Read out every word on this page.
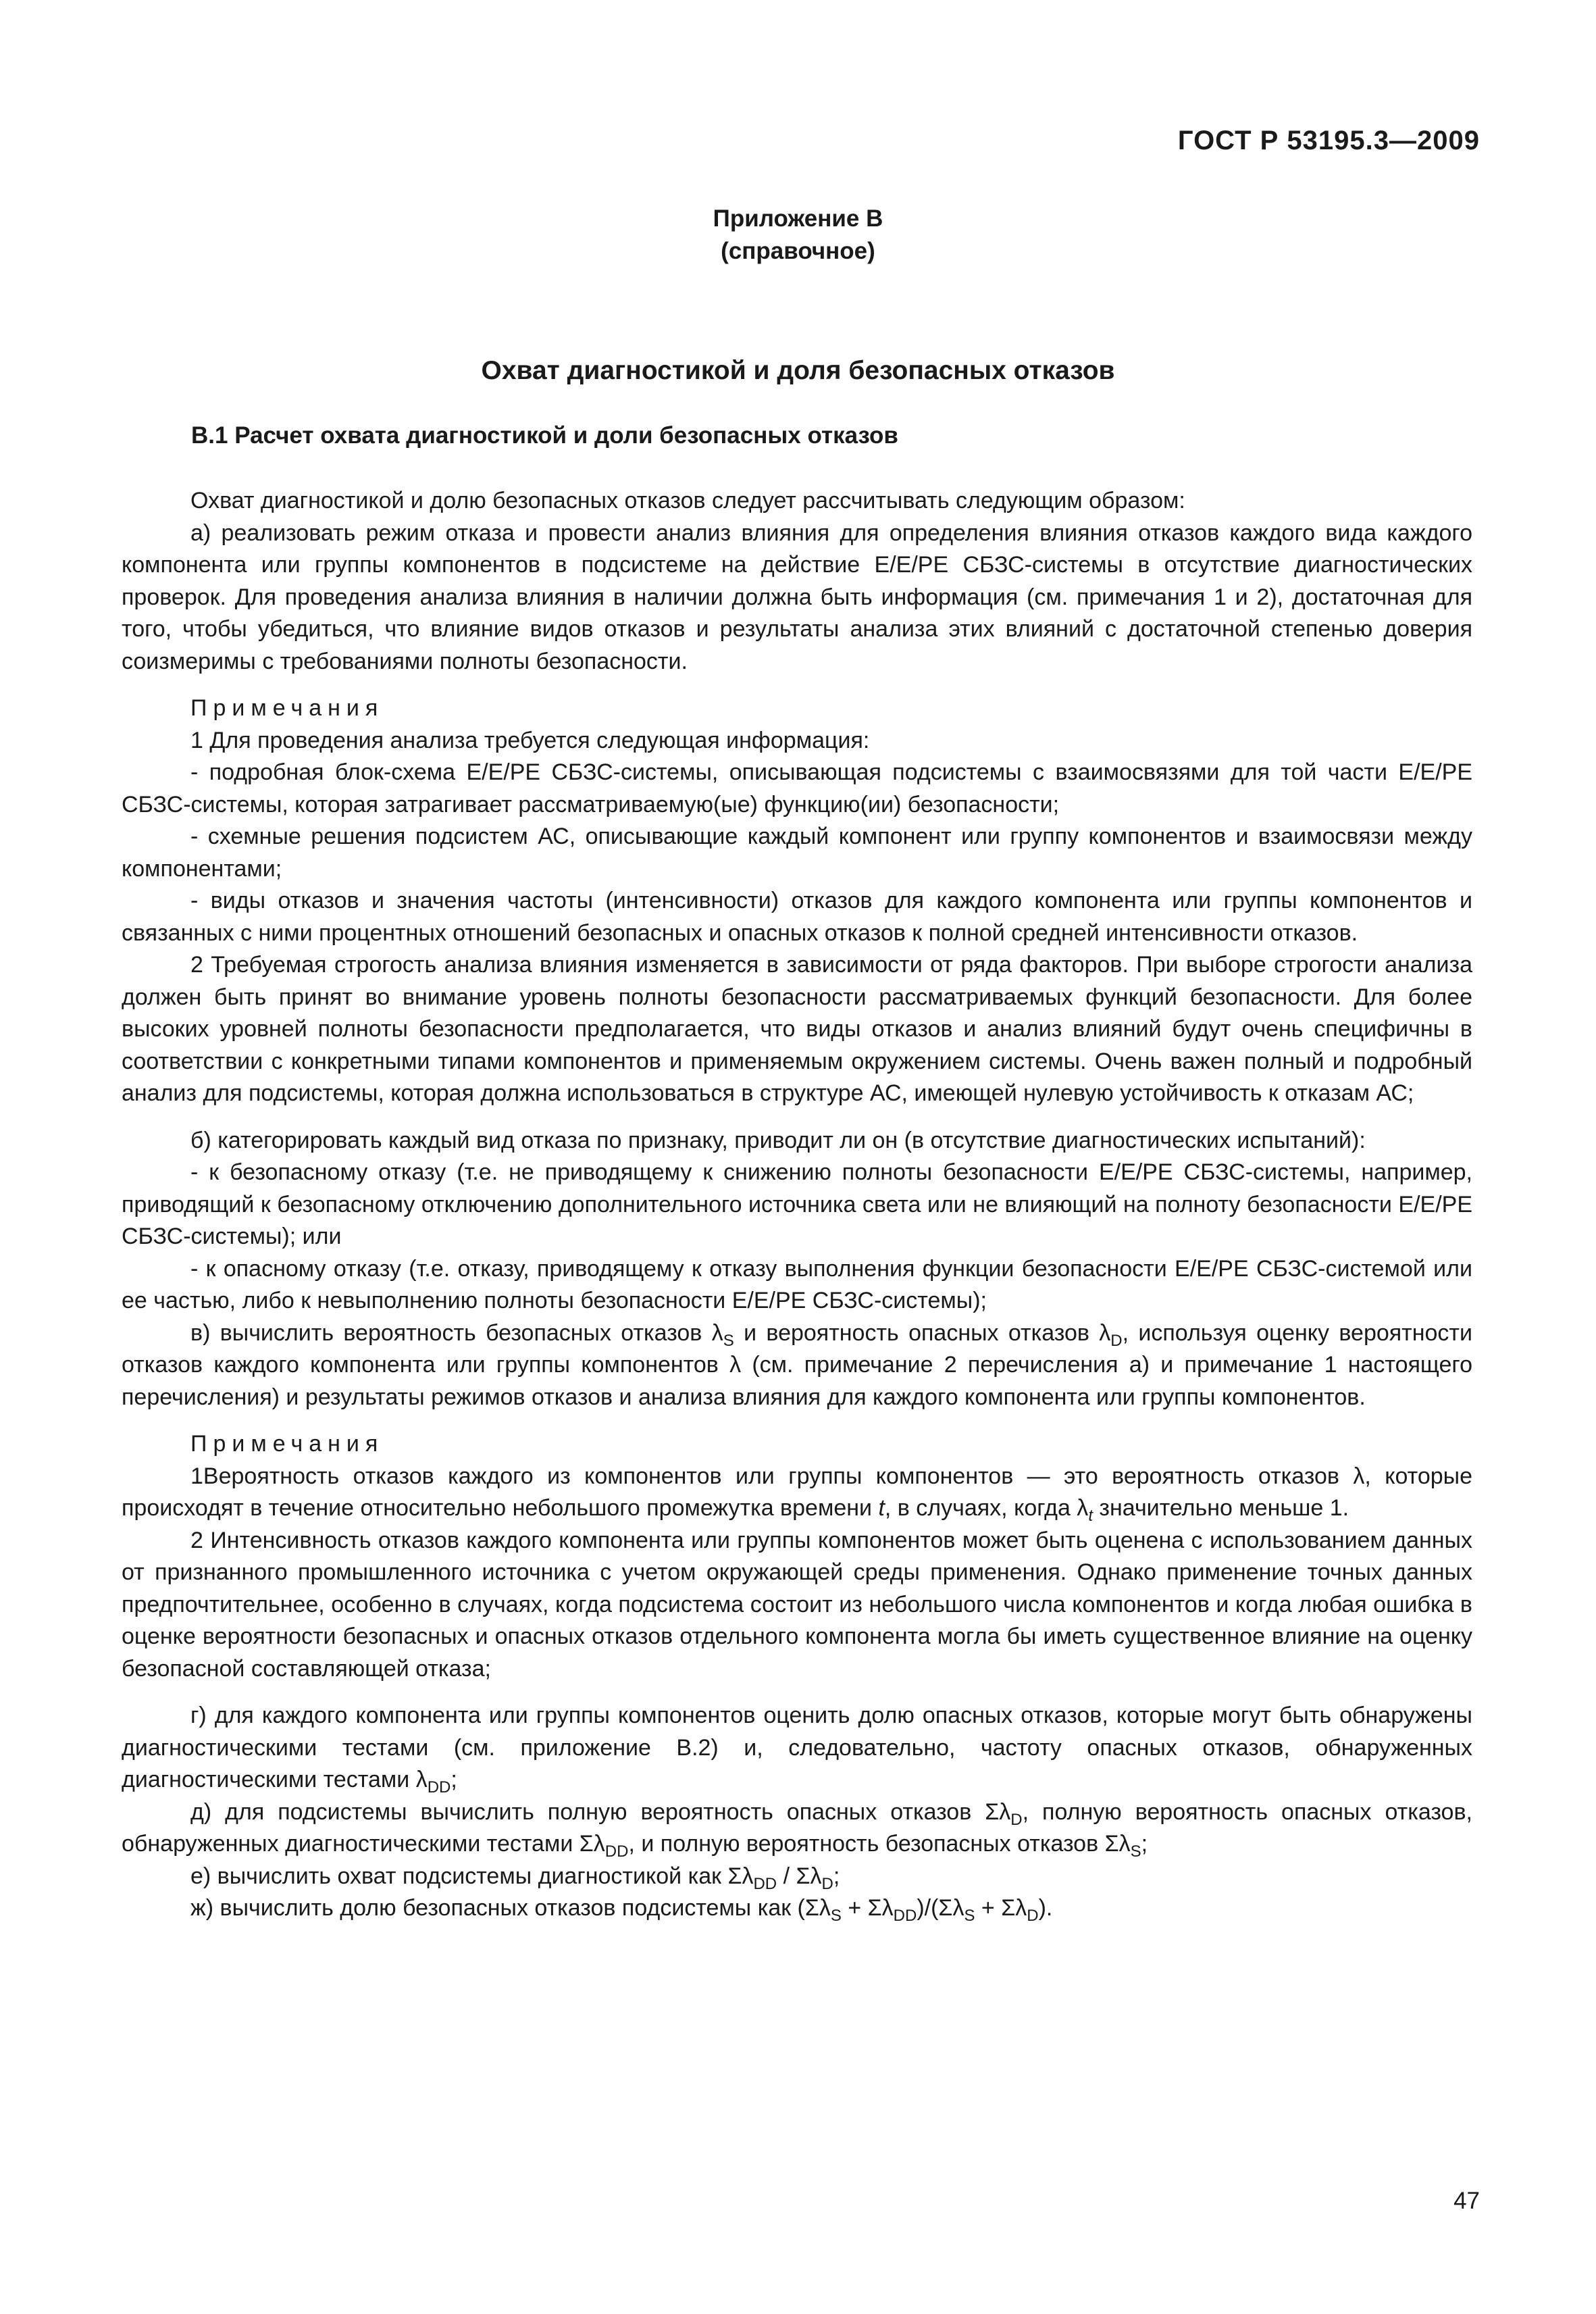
ГОСТ Р 53195.3—2009
Приложение В
(справочное)
Охват диагностикой и доля безопасных отказов
В.1 Расчет охвата диагностикой и доли безопасных отказов

Охват диагностикой и долю безопасных отказов следует рассчитывать следующим образом:

а) реализовать режим отказа и провести анализ влияния для определения влияния отказов каждого вида каждого компонента или группы компонентов в подсистеме на действие Е/Е/РЕ СБЗС-системы в отсутствие диагностических проверок. Для проведения анализа влияния в наличии должна быть информация (см. примечания 1 и 2), достаточная для того, чтобы убедиться, что влияние видов отказов и результаты анализа этих влияний с достаточной степенью доверия соизмеримы с требованиями полноты безопасности.

Примечания

1 Для проведения анализа требуется следующая информация:

- подробная блок-схема Е/Е/РЕ СБЗС-системы, описывающая подсистемы с взаимосвязями для той части Е/Е/РЕ СБЗС-системы, которая затрагивает рассматриваемую(ые) функцию(ии) безопасности;

- схемные решения подсистем АС, описывающие каждый компонент или группу компонентов и взаимосвязи между компонентами;

- виды отказов и значения частоты (интенсивности) отказов для каждого компонента или группы компонентов и связанных с ними процентных отношений безопасных и опасных отказов к полной средней интенсивности отказов.

2 Требуемая строгость анализа влияния изменяется в зависимости от ряда факторов. При выборе строгости анализа должен быть принят во внимание уровень полноты безопасности рассматриваемых функций безопасности. Для более высоких уровней полноты безопасности предполагается, что виды отказов и анализ влияний будут очень специфичны в соответствии с конкретными типами компонентов и применяемым окружением системы. Очень важен полный и подробный анализ для подсистемы, которая должна использоваться в структуре АС, имеющей нулевую устойчивость к отказам АС;

б) категорировать каждый вид отказа по признаку, приводит ли он (в отсутствие диагностических испытаний):

- к безопасному отказу (т.е. не приводящему к снижению полноты безопасности Е/Е/РЕ СБЗС-системы, например, приводящий к безопасному отключению дополнительного источника света или не влияющий на полноту безопасности Е/Е/РЕ СБЗС-системы); или

- к опасному отказу (т.е. отказу, приводящему к отказу выполнения функции безопасности Е/Е/РЕ СБЗС-системой или ее частью, либо к невыполнению полноты безопасности Е/Е/РЕ СБЗС-системы);

в) вычислить вероятность безопасных отказов $\lambda_S$ и вероятность опасных отказов $\lambda_D$, используя оценку вероятности отказов каждого компонента или группы компонентов λ (см. примечание 2 перечисления а) и примечание 1 настоящего перечисления) и результаты режимов отказов и анализа влияния для каждого компонента или группы компонентов.

Примечания

1Вероятность отказов каждого из компонентов или группы компонентов — это вероятность отказов λ, которые происходят в течение относительно небольшого промежутка времени t, в случаях, когда $\lambda_t$ значительно меньше 1.

2 Интенсивность отказов каждого компонента или группы компонентов может быть оценена с использованием данных от признанного промышленного источника с учетом окружающей среды применения. Однако применение точных данных предпочтительнее, особенно в случаях, когда подсистема состоит из небольшого числа компонентов и когда любая ошибка в оценке вероятности безопасных и опасных отказов отдельного компонента могла бы иметь существенное влияние на оценку безопасной составляющей отказа;

г) для каждого компонента или группы компонентов оценить долю опасных отказов, которые могут быть обнаружены диагностическими тестами (см. приложение В.2) и, следовательно, частоту опасных отказов, обнаруженных диагностическими тестами $\lambda_{DD}$;

д) для подсистемы вычислить полную вероятность опасных отказов $\Sigma\lambda_D$, полную вероятность опасных отказов, обнаруженных диагностическими тестами $\Sigma\lambda_{DD}$, и полную вероятность безопасных отказов $\Sigma\lambda_S$;

е) вычислить охват подсистемы диагностикой как $\Sigma\lambda_{DD} / \Sigma\lambda_D$;

ж) вычислить долю безопасных отказов подсистемы как $(\Sigma\lambda_S + \Sigma\lambda_{DD})/(\Sigma\lambda_S + \Sigma\lambda_D)$.

47
